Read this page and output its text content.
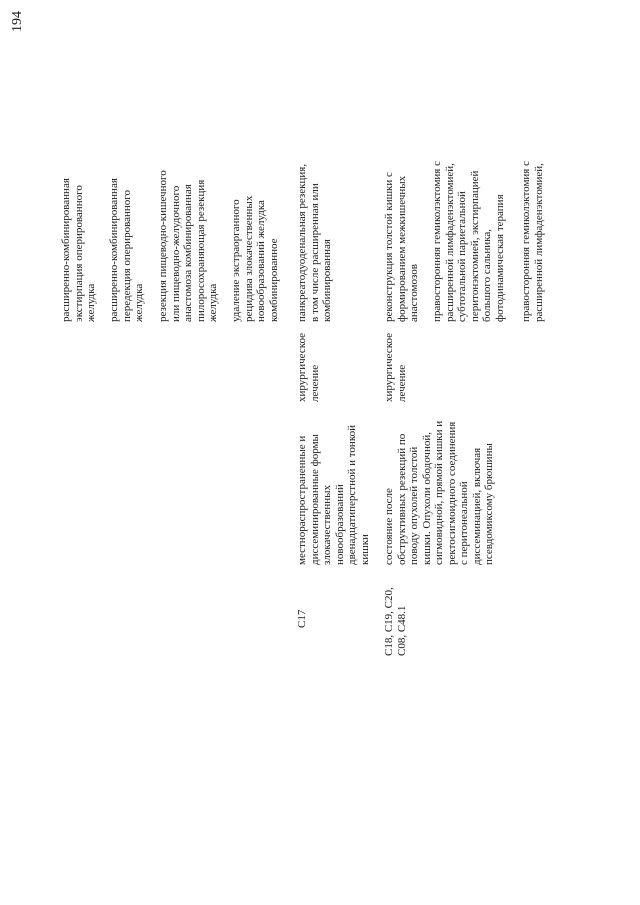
194
расширенно-комбинированная экстирпация оперированного желудка расширенно-комбинированная передекция оперированного желудка резекция пищеводно-кишечного или пищеводно-желудочного анастомоза комбинированная пилоросохраняющая резекция желудка удаление экстраорганного рецидива злокачественных новообразований желудка комбинированное
C17
местнораспространенные и диссеминированные формы злокачественных новообразований двенадцатиперстной и тонкой кишки
хирургическое лечение
панкреатодуоденальная резекция, в том числе расширенная или комбинированная
C18, C19, C20, C08, C48.1
состояние после обструктивных резекций по поводу опухолей толстой кишки. Опухоли ободочной, сигмовидной, прямой кишки и ректосигмоидного соединения с перитонеальной диссеминацией, включая псевдомиксому брюшины
хирургическое лечение
реконструкция толстой кишки с формированием межкишечных анастомозов правосторонняя гемиколэктомия с расширенной лимфаденэктомией, субтотальной париетальной перитонэктомией, экстирпацией большого сальника, фотодинамическая терапия правосторонняя гемиколэктомия с расширенной лимфаденэктомией,
